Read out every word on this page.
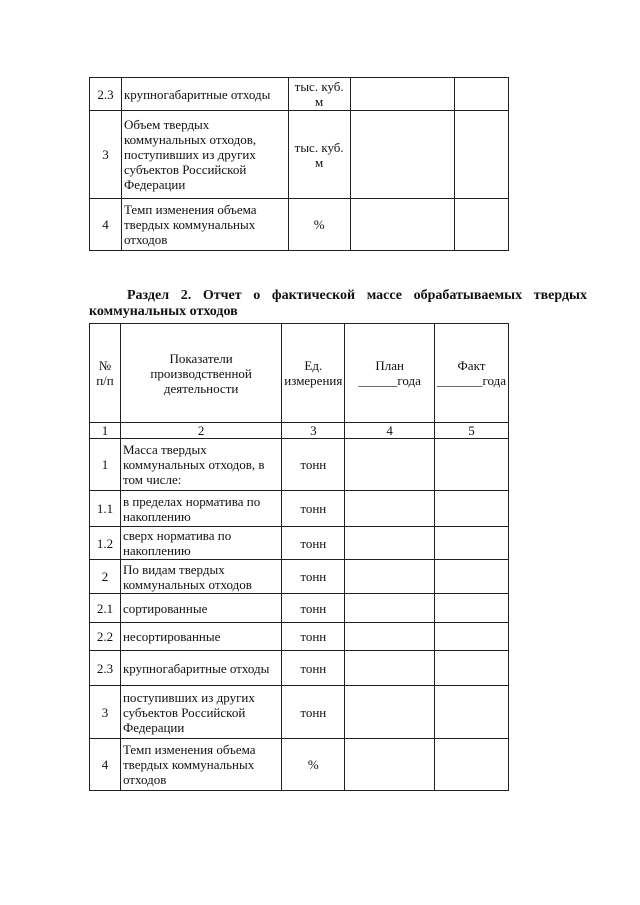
2.3	крупногабаритные отходы	тыс. куб. м		
3	Объем твердых коммунальных отходов, поступивших из других субъектов Российской Федерации	тыс. куб. м		
4	Темп изменения объема твердых коммунальных отходов	%		
Раздел 2. Отчет о фактической массе обрабатываемых твердых коммунальных отходов
№ п/п	Показатели производственной деятельности	Ед. измерения	План ______года	Факт _______года
1	2	3	4	5
1	Масса твердых коммунальных отходов, в том числе:	тонн		
1.1	в пределах норматива по накоплению	тонн		
1.2	сверх норматива по накоплению	тонн		
2	По видам твердых коммунальных отходов	тонн		
2.1	сортированные	тонн		
2.2	несортированные	тонн		
2.3	крупногабаритные отходы	тонн		
3	поступивших из других субъектов Российской Федерации	тонн		
4	Темп изменения объема твердых коммунальных отходов	%		
